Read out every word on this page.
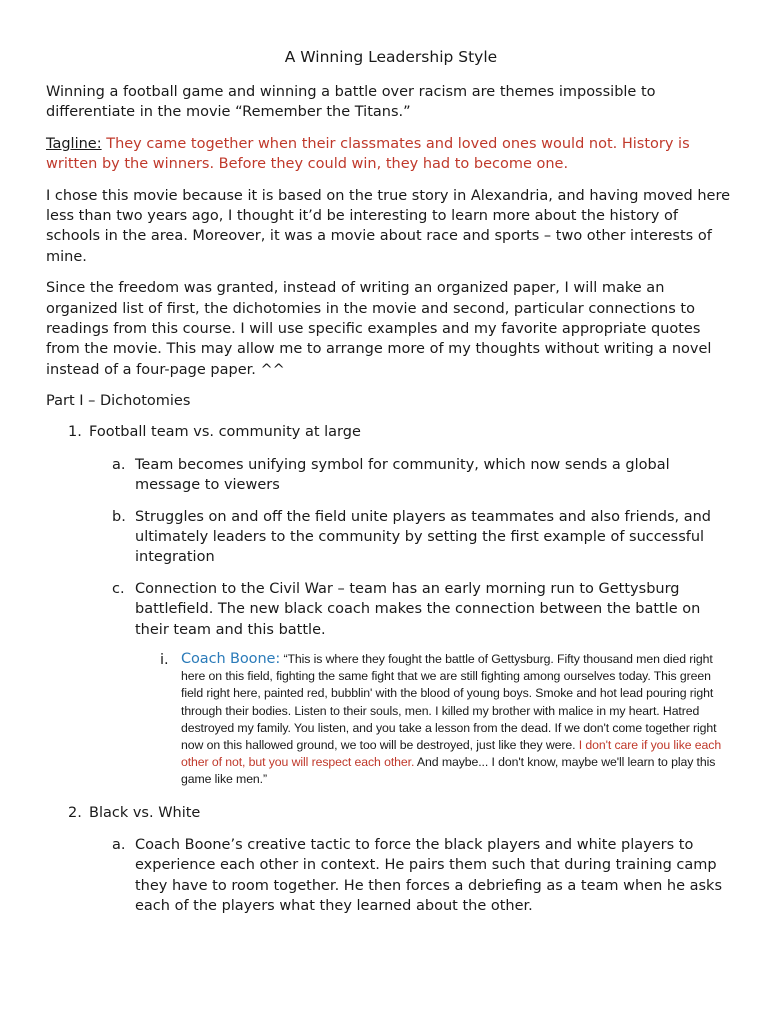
A Winning Leadership Style

Winning a football game and winning a battle over racism are themes impossible to differentiate in the movie “Remember the Titans.”

Tagline: They came together when their classmates and loved ones would not. History is written by the winners. Before they could win, they had to become one.

I chose this movie because it is based on the true story in Alexandria, and having moved here less than two years ago, I thought it’d be interesting to learn more about the history of schools in the area. Moreover, it was a movie about race and sports – two other interests of mine.

Since the freedom was granted, instead of writing an organized paper, I will make an organized list of first, the dichotomies in the movie and second, particular connections to readings from this course. I will use specific examples and my favorite appropriate quotes from the movie. This may allow me to arrange more of my thoughts without writing a novel instead of a four-page paper. ^^

Part I – Dichotomies
1. Football team vs. community at large
a. Team becomes unifying symbol for community, which now sends a global message to viewers
b. Struggles on and off the field unite players as teammates and also friends, and ultimately leaders to the community by setting the first example of successful integration
c. Connection to the Civil War – team has an early morning run to Gettysburg battlefield. The new black coach makes the connection between the battle on their team and this battle.
i. Coach Boone: “This is where they fought the battle of Gettysburg. Fifty thousand men died right here on this field, fighting the same fight that we are still fighting among ourselves today. This green field right here, painted red, bubblin' with the blood of young boys. Smoke and hot lead pouring right through their bodies. Listen to their souls, men. I killed my brother with malice in my heart. Hatred destroyed my family. You listen, and you take a lesson from the dead. If we don't come together right now on this hallowed ground, we too will be destroyed, just like they were. I don't care if you like each other of not, but you will respect each other. And maybe... I don't know, maybe we'll learn to play this game like men.”
2. Black vs. White
a. Coach Boone’s creative tactic to force the black players and white players to experience each other in context. He pairs them such that during training camp they have to room together. He then forces a debriefing as a team when he asks each of the players what they learned about the other.
